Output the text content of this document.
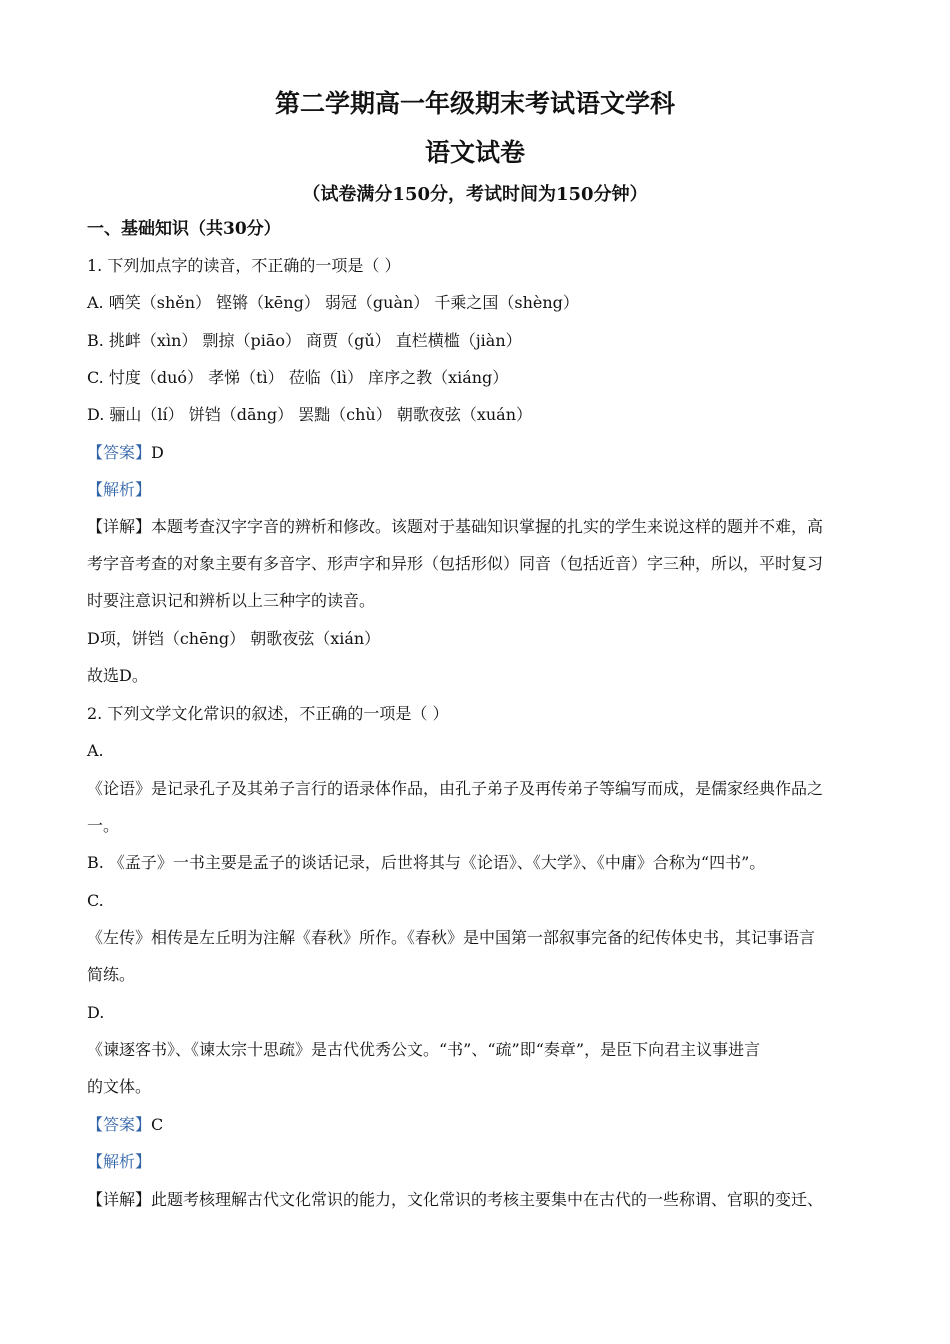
第二学期高一年级期末考试语文学科
语文试卷
（试卷满分150分，考试时间为150分钟）
一、基础知识（共30分）
1. 下列加点字的读音，不正确的一项是（ ）
A. 哂笑（shěn） 铿锵（kēng） 弱冠（guàn） 千乘之国（shèng）
B. 挑衅（xìn） 剽掠（piāo） 商贾（gǔ） 直栏横槛（jiàn）
C. 忖度（duó） 孝悌（tì） 莅临（lì） 庠序之教（xiáng）
D. 骊山（lí） 饼铛（dāng） 罢黜（chù） 朝歌夜弦（xuán）
【答案】D
【解析】
【详解】本题考查汉字字音的辨析和修改。该题对于基础知识掌握的扎实的学生来说这样的题并不难，高
考字音考查的对象主要有多音字、形声字和异形（包括形似）同音（包括近音）字三种，所以，平时复习
时要注意识记和辨析以上三种字的读音。
D项，饼铛（chēng） 朝歌夜弦（xián）
故选D。
2. 下列文学文化常识的叙述，不正确的一项是（ ）
A.
《论语》是记录孔子及其弟子言行的语录体作品，由孔子弟子及再传弟子等编写而成，是儒家经典作品之
一。
B. 《孟子》一书主要是孟子的谈话记录，后世将其与《论语》、《大学》、《中庸》合称为“四书”。
C.
《左传》相传是左丘明为注解《春秋》所作。《春秋》是中国第一部叙事完备的纪传体史书，其记事语言
简练。
D.
《谏逐客书》、《谏太宗十思疏》是古代优秀公文。“书”、“疏”即“奏章”，是臣下向君主议事进言
的文体。
【答案】C
【解析】
【详解】此题考核理解古代文化常识的能力，文化常识的考核主要集中在古代的一些称谓、官职的变迁、
